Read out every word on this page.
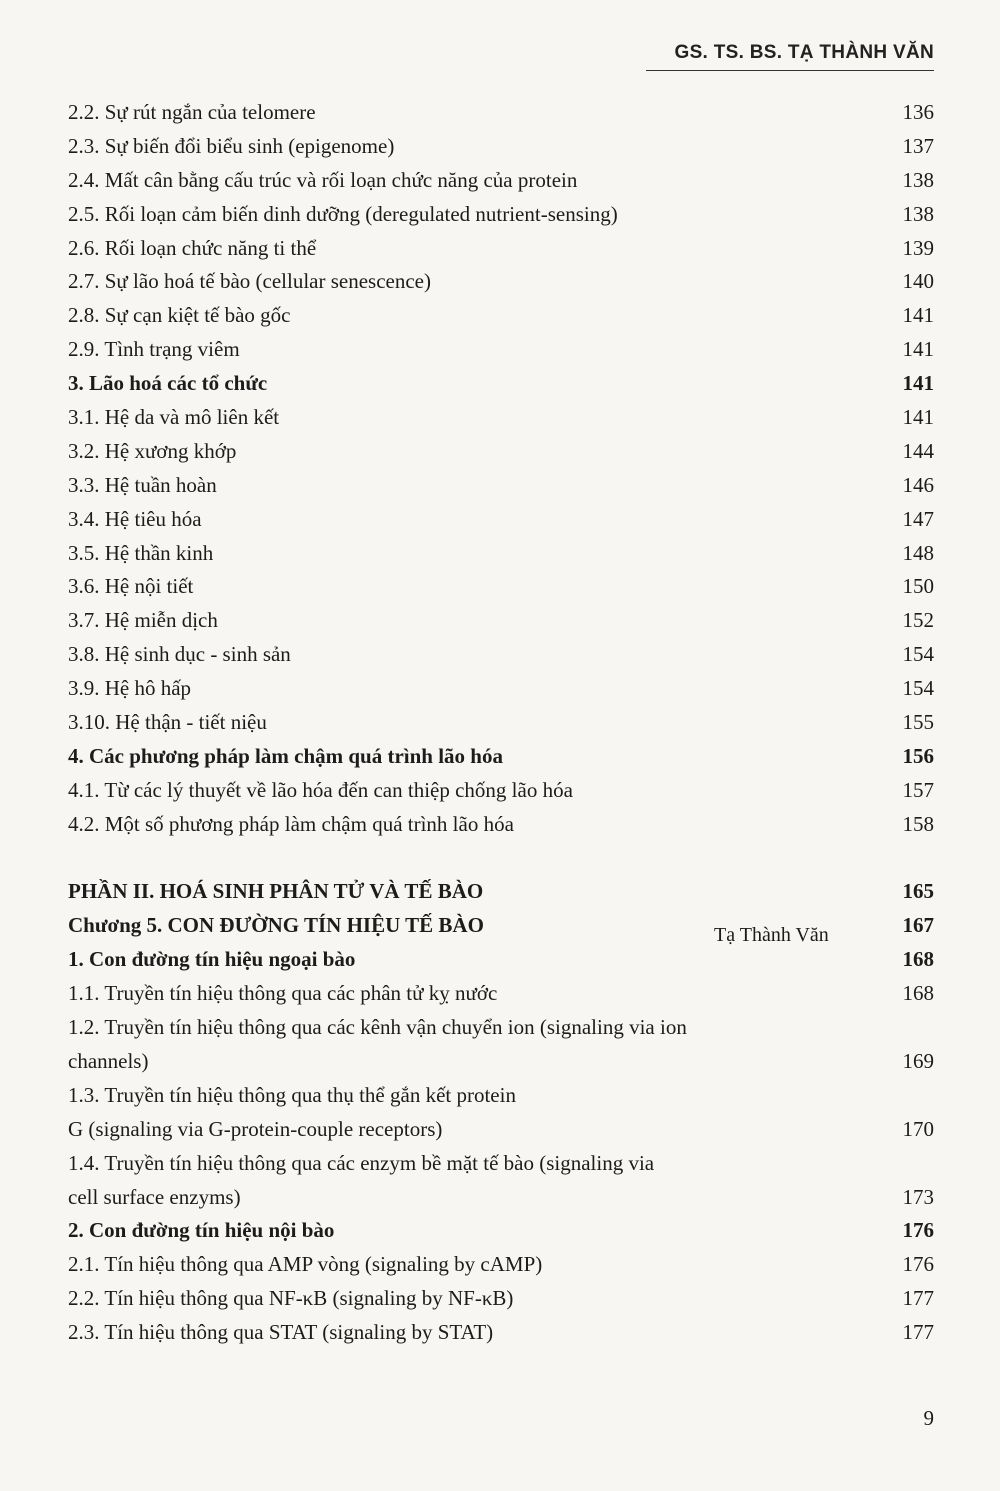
GS. TS. BS. TẠ THÀNH VĂN
2.2. Sự rút ngắn của telomere	136
2.3. Sự biến đổi biểu sinh (epigenome)	137
2.4. Mất cân bằng cấu trúc và rối loạn chức năng của protein	138
2.5. Rối loạn cảm biến dinh dưỡng (deregulated nutrient-sensing)	138
2.6. Rối loạn chức năng ti thể	139
2.7. Sự lão hoá tế bào (cellular senescence)	140
2.8. Sự cạn kiệt tế bào gốc	141
2.9. Tình trạng viêm	141
3. Lão hoá các tổ chức	141
3.1. Hệ da và mô liên kết	141
3.2. Hệ xương khớp	144
3.3. Hệ tuần hoàn	146
3.4. Hệ tiêu hóa	147
3.5. Hệ thần kinh	148
3.6. Hệ nội tiết	150
3.7. Hệ miễn dịch	152
3.8. Hệ sinh dục - sinh sản	154
3.9. Hệ hô hấp	154
3.10. Hệ thận - tiết niệu	155
4. Các phương pháp làm chậm quá trình lão hóa	156
4.1. Từ các lý thuyết về lão hóa đến can thiệp chống lão hóa	157
4.2. Một số phương pháp làm chậm quá trình lão hóa	158
PHẦN II. HOÁ SINH PHÂN TỬ VÀ TẾ BÀO	165
Chương 5. CON ĐƯỜNG TÍN HIỆU TẾ BÀO	Tạ Thành Văn	167
1. Con đường tín hiệu ngoại bào	168
1.1. Truyền tín hiệu thông qua các phân tử kỵ nước	168
1.2. Truyền tín hiệu thông qua các kênh vận chuyển ion (signaling via ion
channels)	169
1.3. Truyền tín hiệu thông qua thụ thể gắn kết protein
G (signaling via G-protein-couple receptors)	170
1.4. Truyền tín hiệu thông qua các enzym bề mặt tế bào (signaling via
cell surface enzyms)	173
2. Con đường tín hiệu nội bào	176
2.1. Tín hiệu thông qua AMP vòng (signaling by cAMP)	176
2.2. Tín hiệu thông qua NF-κB (signaling by NF-κB)	177
2.3. Tín hiệu thông qua STAT (signaling by STAT)	177
9
